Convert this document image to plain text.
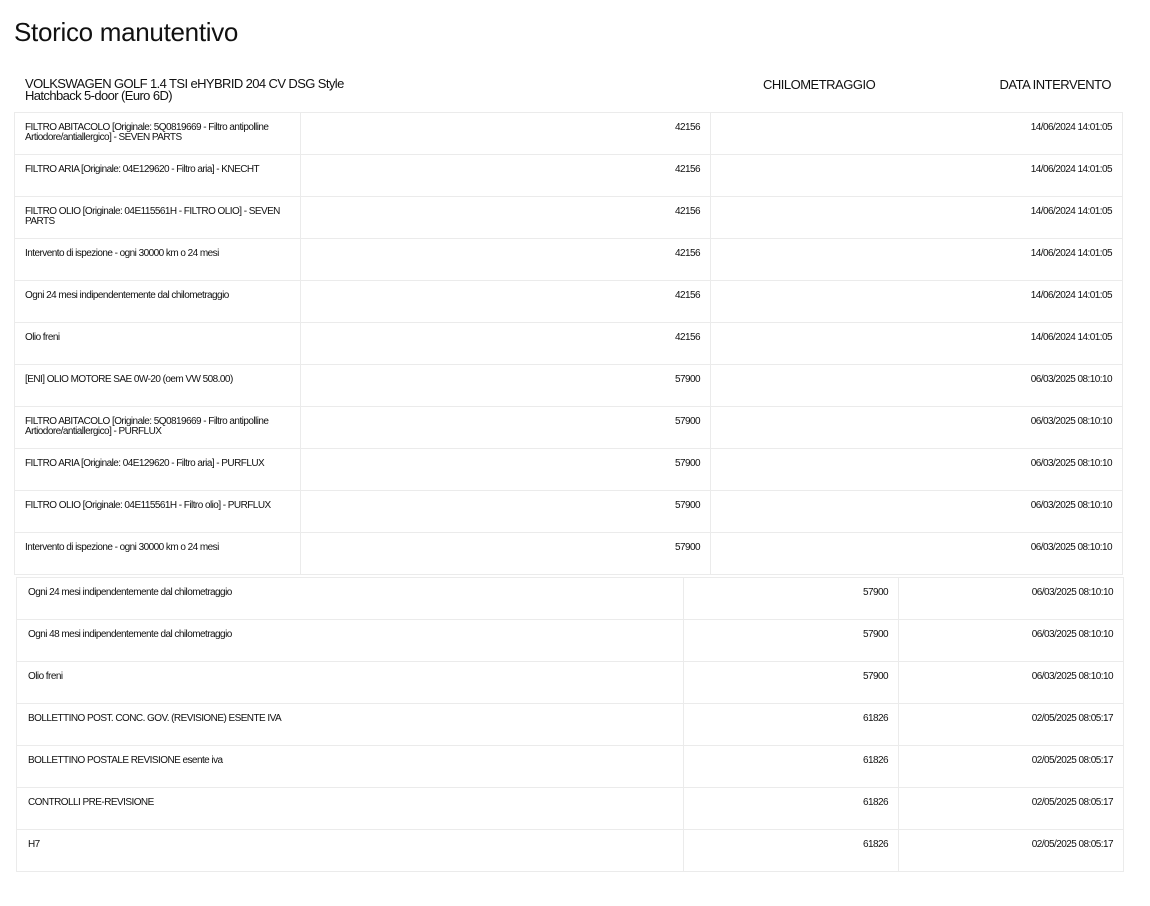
Storico manutentivo
VOLKSWAGEN GOLF 1.4 TSI eHYBRID 204 CV DSG Style Hatchback 5-door (Euro 6D)
CHILOMETRAGGIO	DATA INTERVENTO
FILTRO ABITACOLO [Originale: 5Q0819669 - Filtro antipolline Artiodore/antiallergico] - SEVEN PARTS	42156	14/06/2024 14:01:05
FILTRO ARIA [Originale: 04E129620 - Filtro aria] - KNECHT	42156	14/06/2024 14:01:05
FILTRO OLIO [Originale: 04E115561H - FILTRO OLIO] - SEVEN PARTS	42156	14/06/2024 14:01:05
Intervento di ispezione - ogni 30000 km o 24 mesi	42156	14/06/2024 14:01:05
Ogni 24 mesi indipendentemente dal chilometraggio	42156	14/06/2024 14:01:05
Olio freni	42156	14/06/2024 14:01:05
[ENI] OLIO MOTORE SAE 0W-20 (oem VW 508.00)	57900	06/03/2025 08:10:10
FILTRO ABITACOLO [Originale: 5Q0819669 - Filtro antipolline Artiodore/antiallergico] - PURFLUX	57900	06/03/2025 08:10:10
FILTRO ARIA [Originale: 04E129620 - Filtro aria] - PURFLUX	57900	06/03/2025 08:10:10
FILTRO OLIO [Originale: 04E115561H - Filtro olio] - PURFLUX	57900	06/03/2025 08:10:10
Intervento di ispezione - ogni 30000 km o 24 mesi	57900	06/03/2025 08:10:10
Ogni 24 mesi indipendentemente dal chilometraggio	57900	06/03/2025 08:10:10
Ogni 48 mesi indipendentemente dal chilometraggio	57900	06/03/2025 08:10:10
Olio freni	57900	06/03/2025 08:10:10
BOLLETTINO POST. CONC. GOV. (REVISIONE) ESENTE IVA	61826	02/05/2025 08:05:17
BOLLETTINO POSTALE REVISIONE esente iva	61826	02/05/2025 08:05:17
CONTROLLI PRE-REVISIONE	61826	02/05/2025 08:05:17
H7	61826	02/05/2025 08:05:17
